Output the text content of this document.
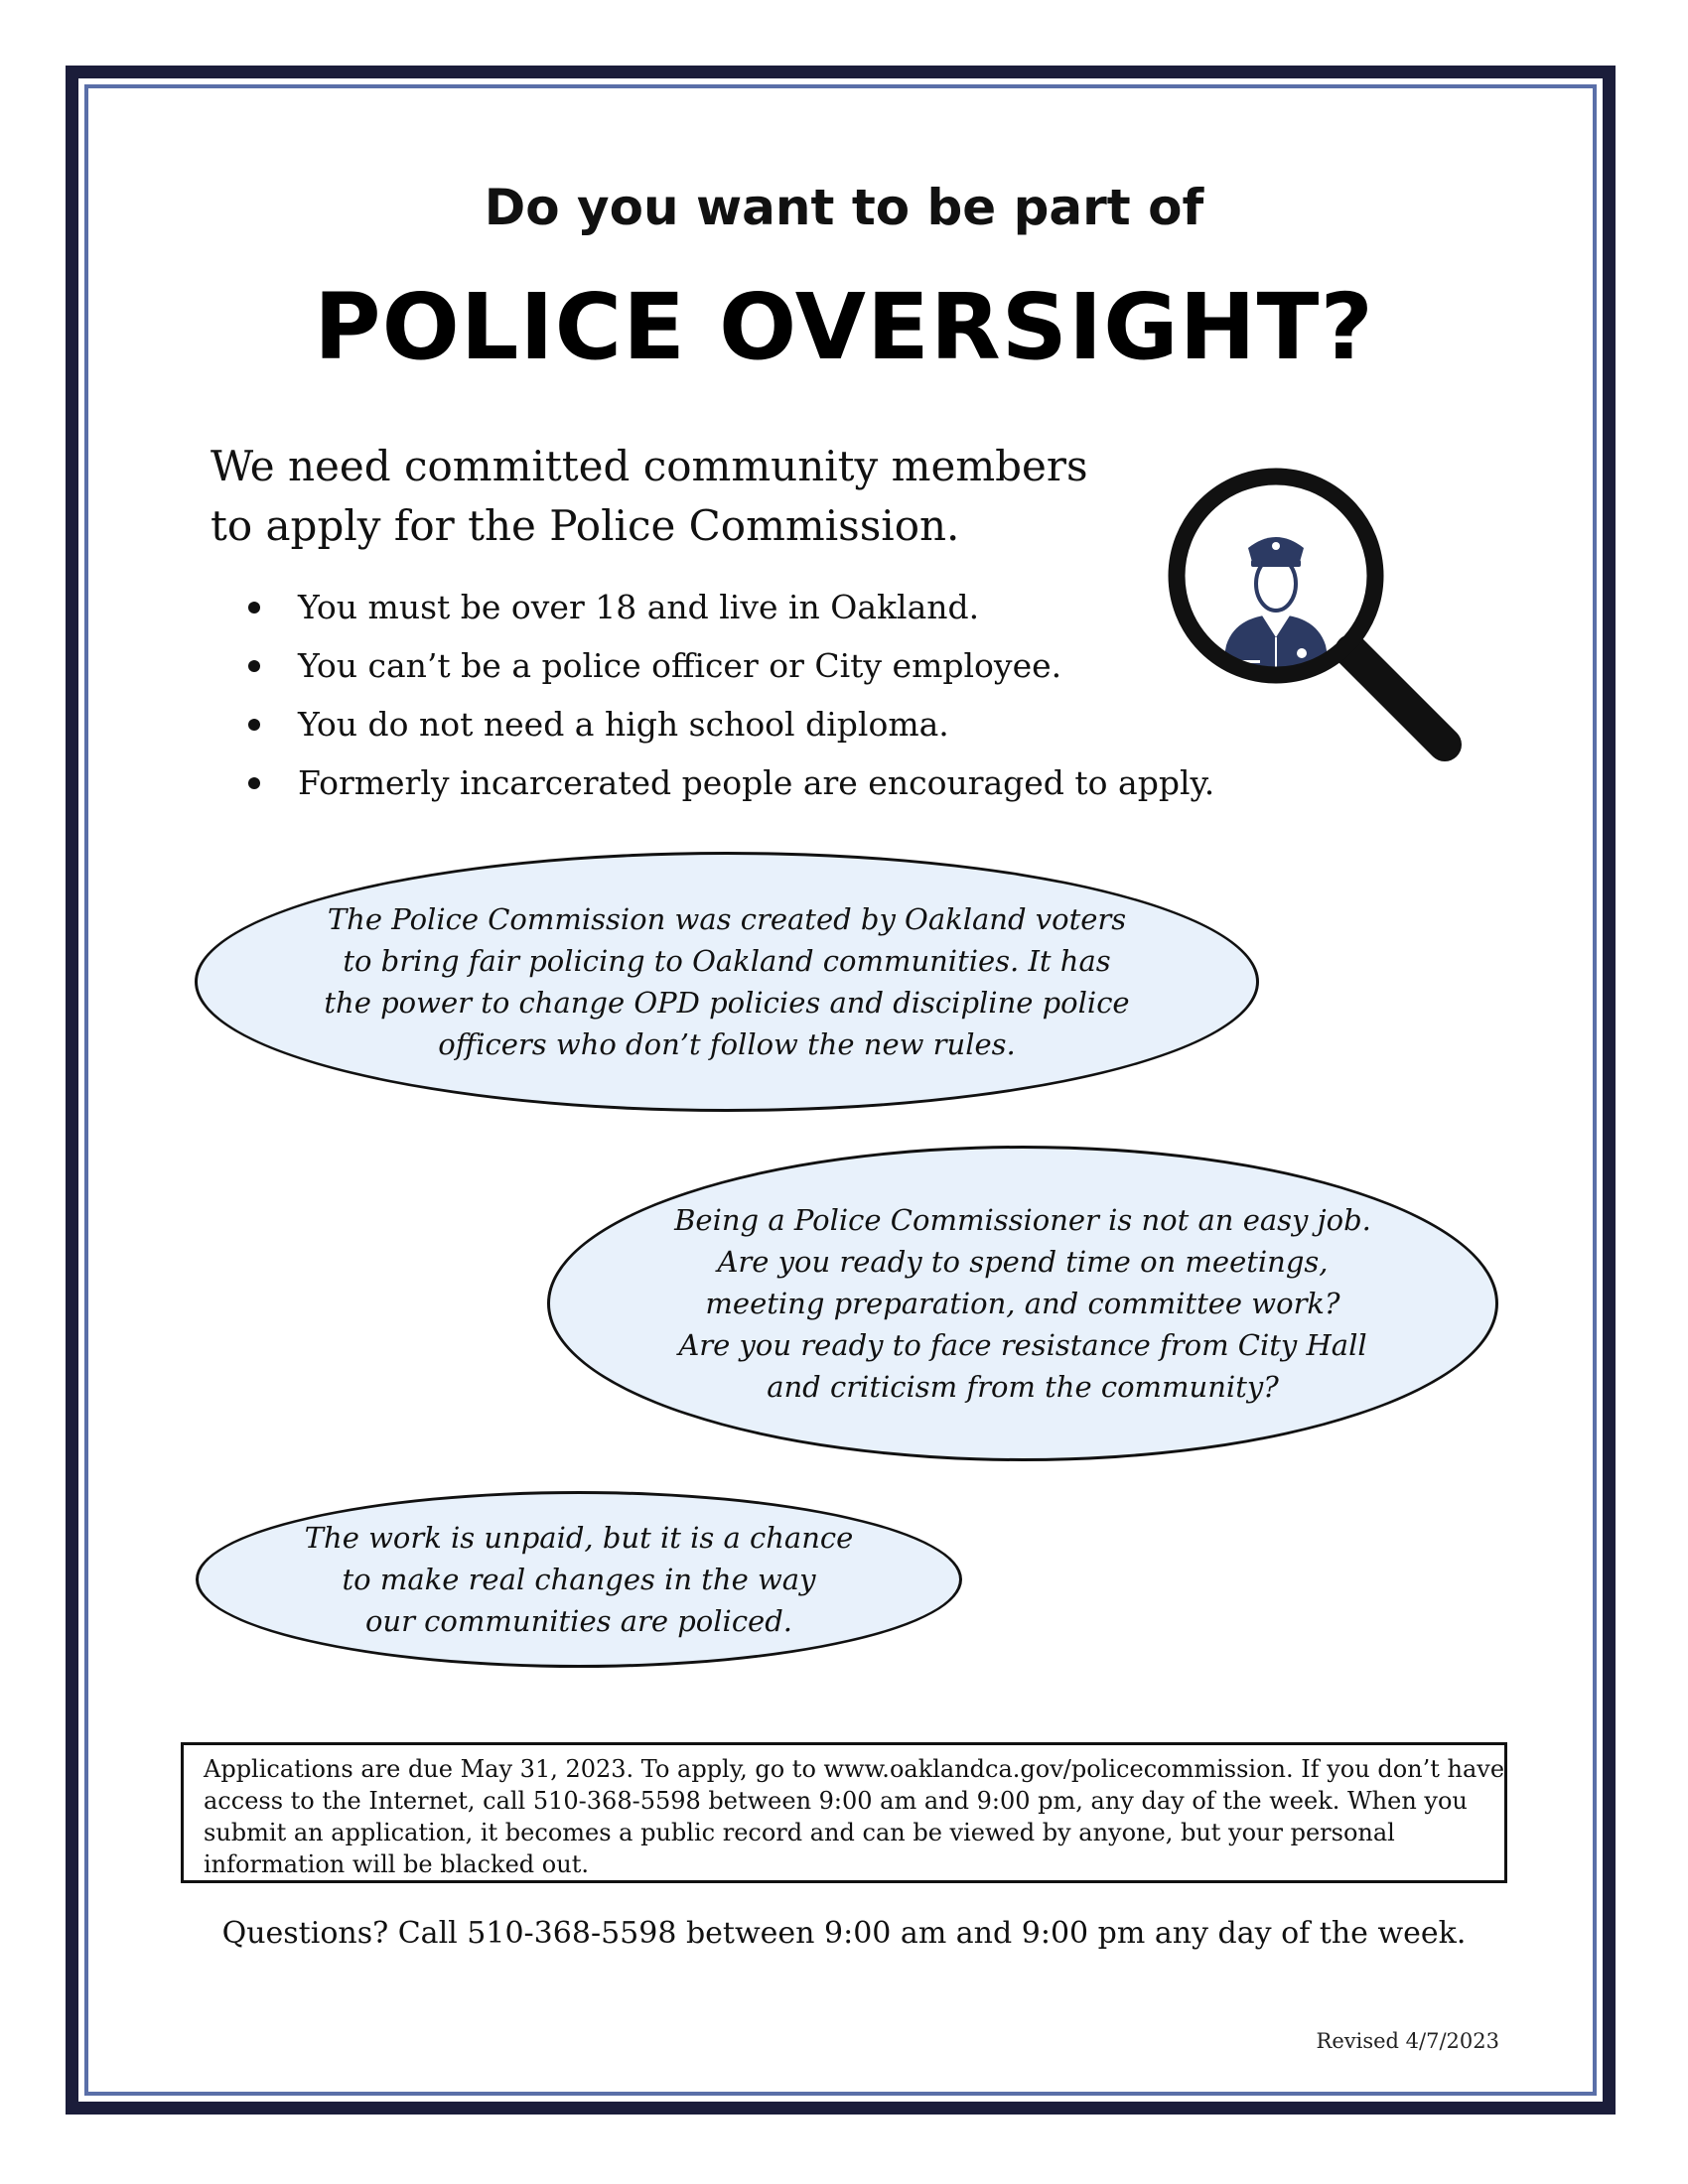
Do you want to be part of
POLICE OVERSIGHT?
We need committed community members
to apply for the Police Commission.
You must be over 18 and live in Oakland.
You can’t be a police officer or City employee.
You do not need a high school diploma.
Formerly incarcerated people are encouraged to apply.
The Police Commission was created by Oakland voters
to bring fair policing to Oakland communities. It has
the power to change OPD policies and discipline police
officers who don’t follow the new rules.
Being a Police Commissioner is not an easy job.
Are you ready to spend time on meetings,
meeting preparation, and committee work?
Are you ready to face resistance from City Hall
and criticism from the community?
The work is unpaid, but it is a chance
to make real changes in the way
our communities are policed.
Applications are due May 31, 2023. To apply, go to www.oaklandca.gov/policecommission. If you don’t have
access to the Internet, call 510-368-5598 between 9:00 am and 9:00 pm, any day of the week. When you
submit an application, it becomes a public record and can be viewed by anyone, but your personal
information will be blacked out.
Questions? Call 510-368-5598 between 9:00 am and 9:00 pm any day of the week.
Revised 4/7/2023
